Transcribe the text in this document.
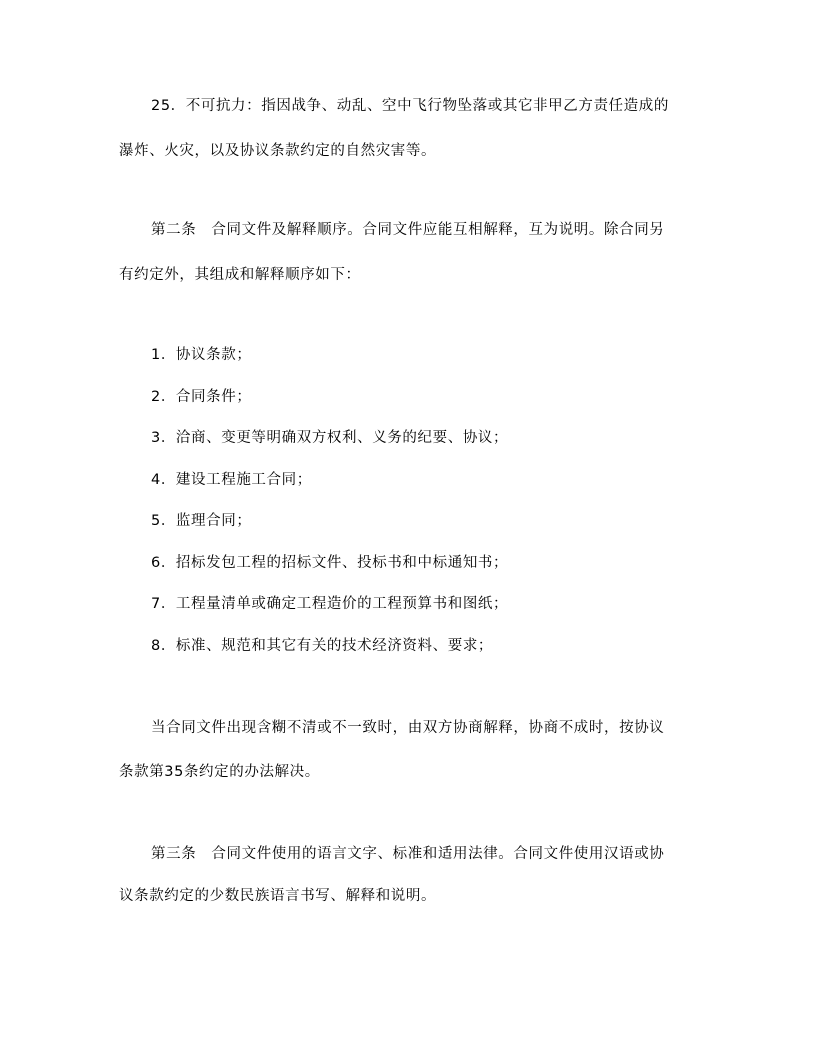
25．不可抗力：指因战争、动乱、空中飞行物坠落或其它非甲乙方责任造成的

瀑炸、火灾，以及协议条款约定的自然灾害等。

第二条　合同文件及解释顺序。合同文件应能互相解释，互为说明。除合同另

有约定外，其组成和解释顺序如下：

1．协议条款；

2．合同条件；

3．洽商、变更等明确双方权利、义务的纪要、协议；

4．建设工程施工合同；

5．监理合同；

6．招标发包工程的招标文件、投标书和中标通知书；

7．工程量清单或确定工程造价的工程预算书和图纸；

8．标准、规范和其它有关的技术经济资料、要求；

当合同文件出现含糊不清或不一致时，由双方协商解释，协商不成时，按协议

条款第35条约定的办法解决。

第三条　合同文件使用的语言文字、标准和适用法律。合同文件使用汉语或协

议条款约定的少数民族语言书写、解释和说明。
